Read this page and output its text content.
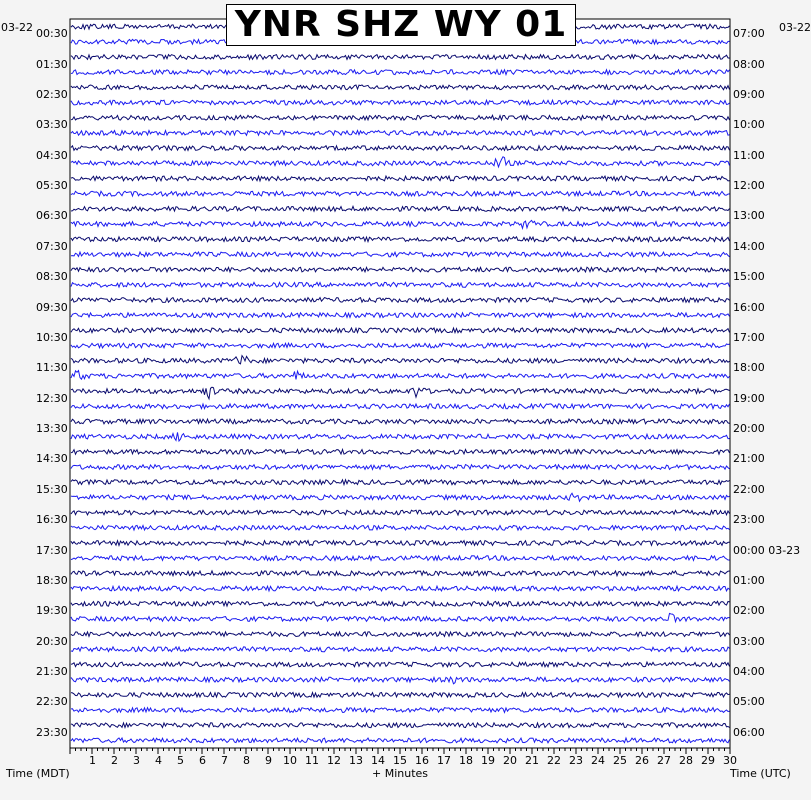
YNR SHZ WY 01
03-22	03-22
00:30
01:30
02:30
03:30
04:30
05:30
06:30
07:30
08:30
09:30
10:30
11:30
12:30
13:30
14:30
15:30
16:30
17:30
18:30
19:30
20:30
21:30
22:30
23:30
07:00
08:00
09:00
10:00
11:00
12:00
13:00
14:00
15:00
16:00
17:00
18:00
19:00
20:00
21:00
22:00
23:00
00:00 03-23
01:00
02:00
03:00
04:00
05:00
06:00
1 2 3 4 5 6 7 8 9 10 11 12 13 14 15 16 17 18 19 20 21 22 23 24 25 26 27 28 29 30
Time (MDT)	+ Minutes	Time (UTC)
